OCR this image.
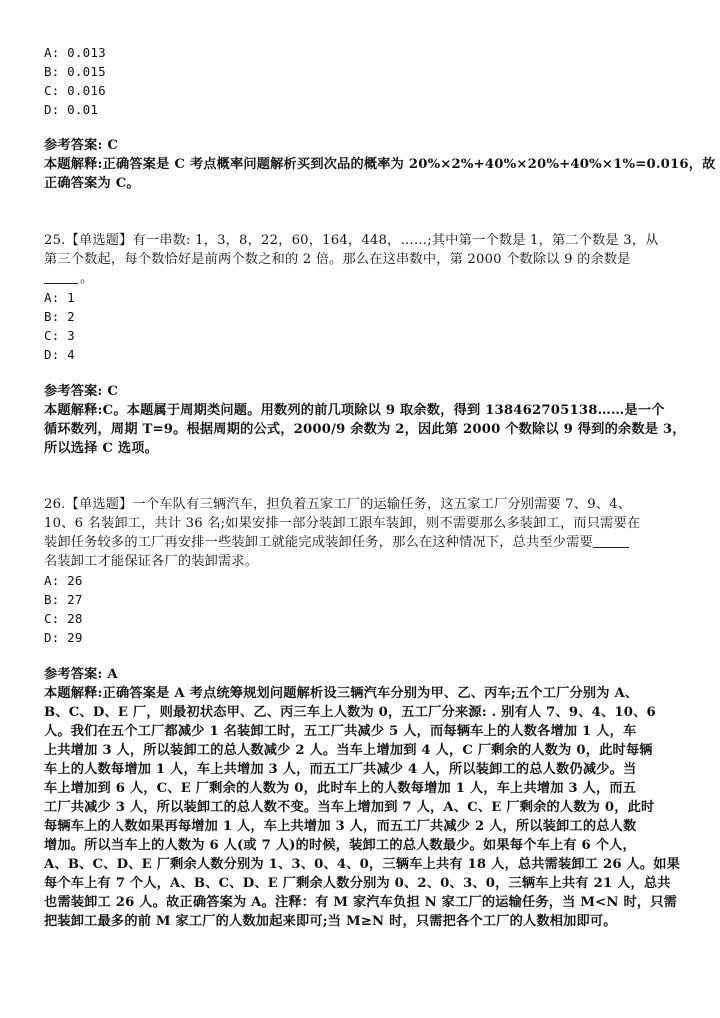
A: 0.013
B: 0.015
C: 0.016
D: 0.01
参考答案: C
本题解释:正确答案是 C 考点概率问题解析买到次品的概率为 20%×2%+40%×20%+40%×1%=0.016，故
正确答案为 C。
25.【单选题】有一串数: 1，3，8，22，60，164，448，……;其中第一个数是 1，第二个数是 3，从
第三个数起，每个数恰好是前两个数之和的 2 倍。那么在这串数中，第 2000 个数除以 9 的余数是
。
A: 1
B: 2
C: 3
D: 4
参考答案: C
本题解释:C。本题属于周期类问题。用数列的前几项除以 9 取余数，得到 138462705138……是一个
循环数列，周期 T=9。根据周期的公式，2000/9 余数为 2，因此第 2000 个数除以 9 得到的余数是 3，
所以选择 C 选项。
26.【单选题】一个车队有三辆汽车，担负着五家工厂的运输任务，这五家工厂分别需要 7、9、4、
10、6 名装卸工，共计 36 名;如果安排一部分装卸工跟车装卸，则不需要那么多装卸工，而只需要在
装卸任务较多的工厂再安排一些装卸工就能完成装卸任务，那么在这种情况下，总共至少需要
名装卸工才能保证各厂的装卸需求。
A: 26
B: 27
C: 28
D: 29
参考答案: A
本题解释:正确答案是 A 考点统筹规划问题解析设三辆汽车分别为甲、乙、丙车;五个工厂分别为 A、
B、C、D、E 厂，则最初状态甲、乙、丙三车上人数为 0，五工厂分来源: . 别有人 7、9、4、10、6
人。我们在五个工厂都减少 1 名装卸工时，五工厂共减少 5 人，而每辆车上的人数各增加 1 人，车
上共增加 3 人，所以装卸工的总人数减少 2 人。当车上增加到 4 人，C 厂剩余的人数为 0，此时每辆
车上的人数每增加 1 人，车上共增加 3 人，而五工厂共减少 4 人，所以装卸工的总人数仍减少。当
车上增加到 6 人，C、E 厂剩余的人数为 0，此时车上的人数每增加 1 人，车上共增加 3 人，而五
工厂共减少 3 人，所以装卸工的总人数不变。当车上增加到 7 人，A、C、E 厂剩余的人数为 0，此时
每辆车上的人数如果再每增加 1 人，车上共增加 3 人，而五工厂共减少 2 人，所以装卸工的总人数
增加。所以当车上的人数为 6 人(或 7 人)的时候，装卸工的总人数最少。如果每个车上有 6 个人，
A、B、C、D、E 厂剩余人数分别为 1、3、0、4、0，三辆车上共有 18 人，总共需装卸工 26 人。如果
每个车上有 7 个人，A、B、C、D、E 厂剩余人数分别为 0、2、0、3、0，三辆车上共有 21 人，总共
也需装卸工 26 人。故正确答案为 A。注释：有 M 家汽车负担 N 家工厂的运输任务，当 M<N 时，只需
把装卸工最多的前 M 家工厂的人数加起来即可;当 M≥N 时，只需把各个工厂的人数相加即可。
